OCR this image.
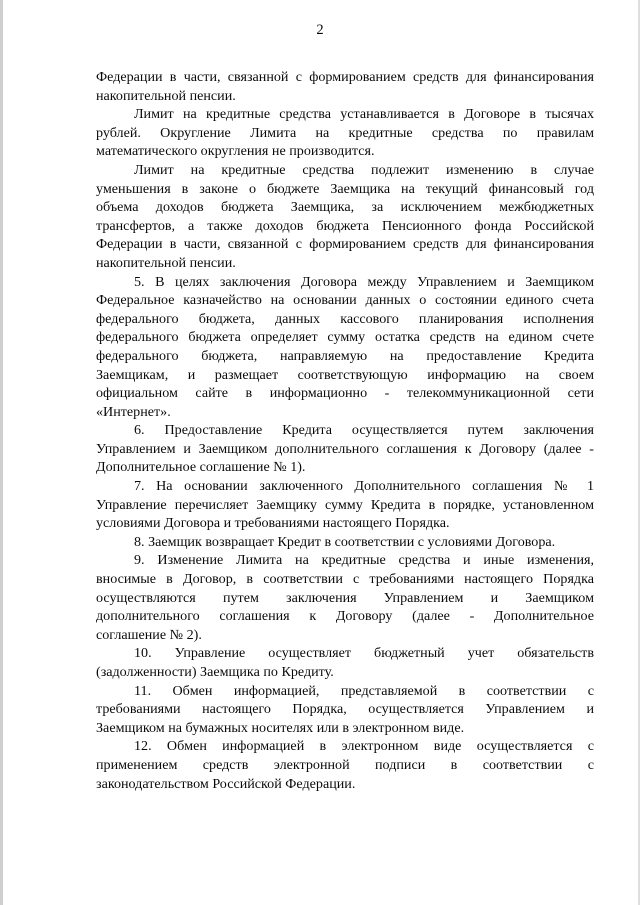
2
Федерации в части, связанной с формированием средств для финансирования
накопительной пенсии.
Лимит на кредитные средства устанавливается в Договоре в тысячах
рублей. Округление Лимита на кредитные средства по правилам
математического округления не производится.
Лимит на кредитные средства подлежит изменению в случае
уменьшения в законе о бюджете Заемщика на текущий финансовый год
объема доходов бюджета Заемщика, за исключением межбюджетных
трансфертов, а также доходов бюджета Пенсионного фонда Российской
Федерации в части, связанной с формированием средств для финансирования
накопительной пенсии.
5. В целях заключения Договора между Управлением и Заемщиком
Федеральное казначейство на основании данных о состоянии единого счета
федерального бюджета, данных кассового планирования исполнения
федерального бюджета определяет сумму остатка средств на едином счете
федерального бюджета, направляемую на предоставление Кредита
Заемщикам, и размещает соответствующую информацию на своем
официальном сайте в информационно - телекоммуникационной сети
«Интернет».
6. Предоставление Кредита осуществляется путем заключения
Управлением и Заемщиком дополнительного соглашения к Договору (далее -
Дополнительное соглашение № 1).
7. На основании заключенного Дополнительного соглашения № 1
Управление перечисляет Заемщику сумму Кредита в порядке, установленном
условиями Договора и требованиями настоящего Порядка.
8. Заемщик возвращает Кредит в соответствии с условиями Договора.
9. Изменение Лимита на кредитные средства и иные изменения,
вносимые в Договор, в соответствии с требованиями настоящего Порядка
осуществляются путем заключения Управлением и Заемщиком
дополнительного соглашения к Договору (далее - Дополнительное
соглашение № 2).
10. Управление осуществляет бюджетный учет обязательств
(задолженности) Заемщика по Кредиту.
11. Обмен информацией, представляемой в соответствии с
требованиями настоящего Порядка, осуществляется Управлением и
Заемщиком на бумажных носителях или в электронном виде.
12. Обмен информацией в электронном виде осуществляется с
применением средств электронной подписи в соответствии с
законодательством Российской Федерации.
